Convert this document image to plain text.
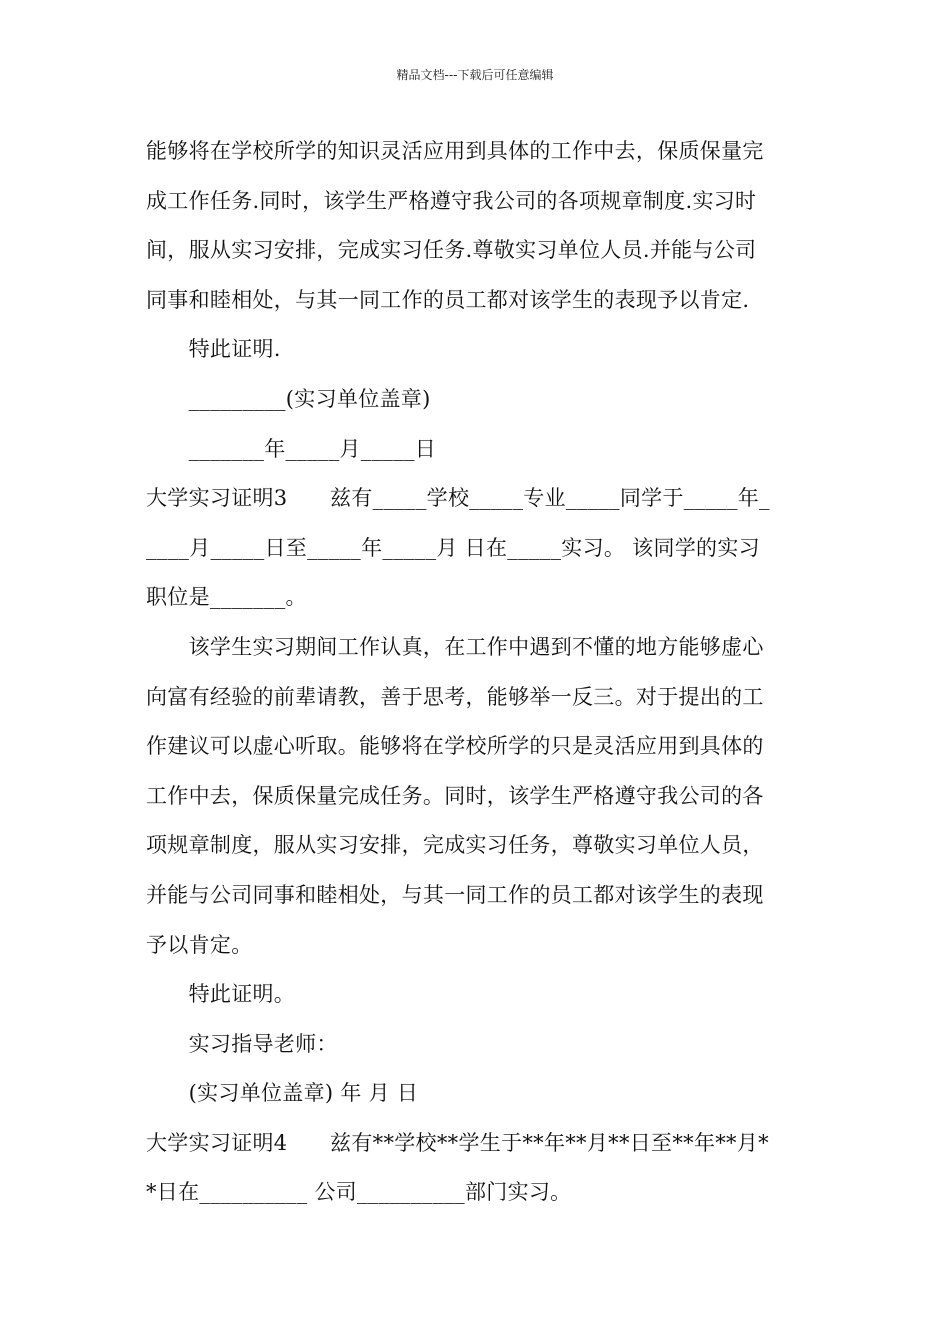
精品文档---下载后可任意编辑
能够将在学校所学的知识灵活应用到具体的工作中去，保质保量完
成工作任务.同时，该学生严格遵守我公司的各项规章制度.实习时
间，服从实习安排，完成实习任务.尊敬实习单位人员.并能与公司
同事和睦相处，与其一同工作的员工都对该学生的表现予以肯定.
　　特此证明.
　　_________(实习单位盖章)
　　_______年_____月_____日
大学实习证明3　　兹有_____学校_____专业_____同学于_____年_
____月_____日至_____年_____月 日在_____实习。 该同学的实习
职位是_______。
　　该学生实习期间工作认真，在工作中遇到不懂的地方能够虚心
向富有经验的前辈请教，善于思考，能够举一反三。对于提出的工
作建议可以虚心听取。能够将在学校所学的只是灵活应用到具体的
工作中去，保质保量完成任务。同时，该学生严格遵守我公司的各
项规章制度，服从实习安排，完成实习任务，尊敬实习单位人员，
并能与公司同事和睦相处，与其一同工作的员工都对该学生的表现
予以肯定。
　　特此证明。
　　实习指导老师：
　　(实习单位盖章) 年 月 日
大学实习证明4　　兹有**学校**学生于**年**月**日至**年**月*
*日在__________ 公司__________部门实习。
